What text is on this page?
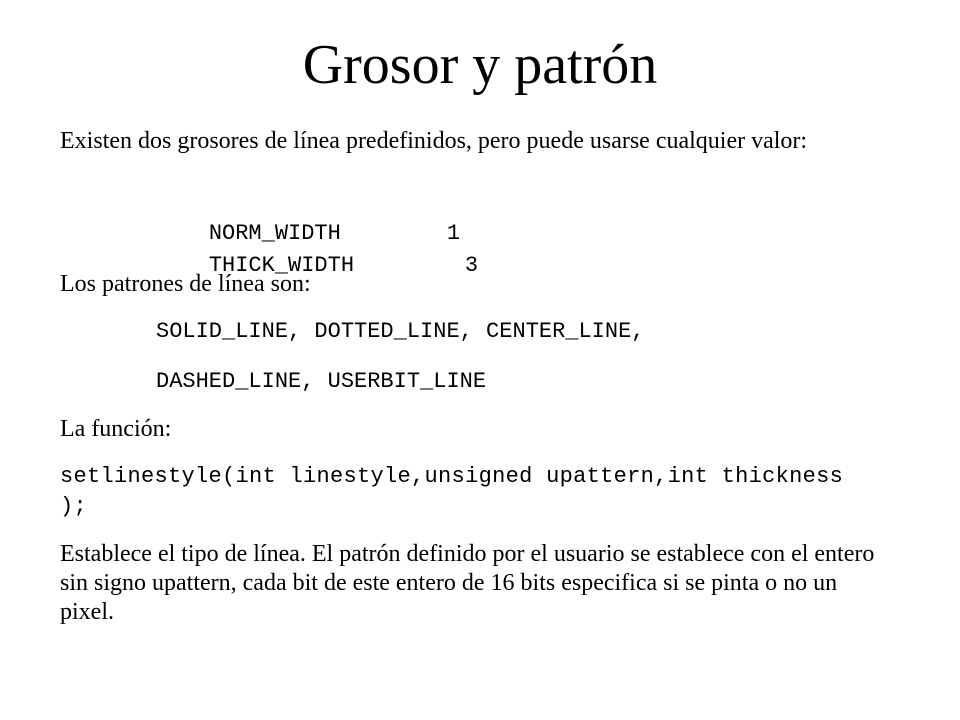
Grosor y patrón
Existen dos grosores de línea predefinidos, pero puede usarse cualquier valor:

NORM_WIDTH	1

THICK_WIDTH	3

Los patrones de línea son:
SOLID_LINE, DOTTED_LINE, CENTER_LINE,
DASHED_LINE, USERBIT_LINE
La función:
setlinestyle(int linestyle,unsigned upattern,int thickness );
Establece el tipo de línea. El patrón definido por el usuario se establece con el entero sin signo upattern, cada bit de este entero de 16 bits especifica si se pinta o no un pixel.
